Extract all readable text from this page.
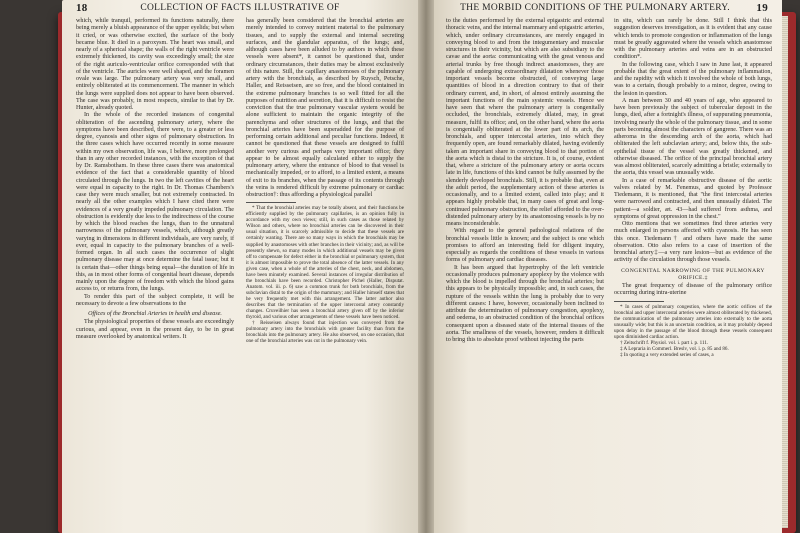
18	COLLECTION OF FACTS ILLUSTRATIVE OF

which, while tranquil, performed its functions naturally, there being merely a bluish appearance of the upper eyelids; but when it cried, or was otherwise excited, the surface of the body became blue. It died in a paroxysm. The heart was small, and nearly of a spherical shape; the walls of the right ventricle were extremely thickened, its cavity was exceedingly small; the size of the right auriculo-ventricular orifice corresponded with that of the ventricle. The auricles were well shaped, and the foramen ovale was large. The pulmonary artery was very small, and entirely obliterated at its commencement. The manner in which the lungs were supplied does not appear to have been observed. The case was probably, in most respects, similar to that by Dr. Hunter, already quoted.

In the whole of the recorded instances of congenital obliteration of the ascending pulmonary artery, where the symptoms have been described, there were, to a greater or less degree, cyanosis and other signs of pulmonary obstruction. In the three cases which have occurred recently in some measure within my own observation, life was, I believe, more prolonged than in any other recorded instances, with the exception of that by Dr. Ramsbotham. In these three cases there was anatomical evidence of the fact that a considerable quantity of blood circulated through the lungs. In two the left cavities of the heart were equal in capacity to the right. In Dr. Thomas Chambers's case they were much smaller, but not extremely contracted. In nearly all the other examples which I have cited there were evidences of a very greatly impeded pulmonary circulation. The obstruction is evidently due less to the indirectness of the course by which the blood reaches the lungs, than to the unnatural narrowness of the pulmonary vessels, which, although greatly varying in dimensions in different individuals, are very rarely, if ever, equal in capacity to the pulmonary branches of a well-formed organ. In all such cases the occurrence of slight pulmonary disease may at once determine the fatal issue; but it is certain that—other things being equal—the duration of life in this, as in most other forms of congenital heart disease, depends mainly upon the degree of freedom with which the blood gains access to, or returns from, the lungs.

To render this part of the subject complete, it will be necessary to devote a few observations to the

Offices of the Bronchial Arteries in health and disease.

The physiological properties of these vessels are exceedingly curious, and appear, even in the present day, to be in great measure overlooked by anatomical writers. It

has generally been considered that the bronchial arteries are merely intended to convey nutrient material to the pulmonary tissues, and to supply the external and internal secreting surfaces, and the glandular apparatus, of the lungs; and, although cases have been alluded to by authors in which these vessels were absent*, it cannot be questioned that, under ordinary circumstances, their duties may be almost exclusively of this nature. Still, the capillary anastomoses of the pulmonary artery with the bronchials, as described by Ruysch, Petsche, Haller, and Reisseisen, are so free, and the blood contained in the extreme pulmonary branches is so well fitted for all the purposes of nutrition and secretion, that it is difficult to resist the conviction that the true pulmonary vascular system would be alone sufficient to maintain the organic integrity of the parenchyma and other structures of the lungs, and that the bronchial arteries have been superadded for the purpose of performing certain additional and peculiar functions. Indeed, it cannot be questioned that these vessels are designed to fulfil another very curious and perhaps very important office; they appear to be almost equally calculated either to supply the pulmonary artery, where the entrance of blood to that vessel is mechanically impeded, or to afford, to a limited extent, a means of exit to its branches, when the passage of its contents through the veins is rendered difficult by extreme pulmonary or cardiac obstruction†: thus affording a physiological parallel

* That the bronchial arteries may be totally absent, and their functions be efficiently supplied by the pulmonary capillaries, is an opinion fully in accordance with my own views; still, in such cases as those related by Wilson and others, where no bronchial arteries can be discovered in their usual situation, it is scarcely admissible to decide that these vessels are certainly wanting. There are so many ways in which the bronchials may be supplied by anastomoses with other branches in their vicinity; and, as will be presently shewn, so many modes in which additional vessels may be given off to compensate for defect either in the bronchial or pulmonary system, that it is almost impossible to prove the total absence of the latter vessels. In any given case, when a whole of the arteries of the chest, neck, and abdomen, have been minutely examined. Several instances of irregular distribution of the bronchials have been recorded. Christopher Pichel (Haller, Disputat. Anatom. vol. iii. p. 6) saw a common trunk for both bronchials, from the subclavian distal to the origin of the mammary; and Haller himself states that he very frequently met with this arrangement. The latter author also describes that the termination of the upper intercostal artery constantly changes. Cruveilhier has seen a bronchial artery given off by the inferior thyroid, and various other arrangements of these vessels have been noticed.

† Reisseisen always found that injection was conveyed from the pulmonary artery into the bronchials with greater facility than from the bronchials into the pulmonary artery. He also observed, on one occasion, that one of the bronchial arteries was cut in the pulmonary vein.

THE MORBID CONDITIONS OF THE PULMONARY ARTERY.	19

to the duties performed by the external epigastric and external thoracic veins, and the internal mammary and epigastric arteries, which, under ordinary circumstances, are merely engaged in conveying blood to and from the integumentary and muscular structures in their vicinity, but which are also subsidiary to the cavae and the aorta: communicating with the great venous and arterial trunks by free though indirect anastomoses, they are capable of undergoing extraordinary dilatation whenever those important vessels become obstructed, of conveying large quantities of blood in a direction contrary to that of their ordinary current, and, in short, of almost entirely assuming the important functions of the main systemic vessels. Hence we have seen that where the pulmonary artery is congenitally occluded, the bronchials, extremely dilated, may, in great measure, fulfil its office; and, on the other hand, where the aorta is congenitally obliterated at the lower part of its arch, the bronchials, and upper intercostal arteries, into which they frequently open, are found remarkably dilated, having evidently taken an important share in conveying blood to that portion of the aorta which is distal to the stricture. It is, of course, evident that, where a stricture of the pulmonary artery or aorta occurs late in life, functions of this kind cannot be fully assumed by the slenderly developed bronchials. Still, it is probable that, even at the adult period, the supplementary action of these arteries is occasionally, and to a limited extent, called into play; and it appears highly probable that, in many cases of great and long-continued pulmonary obstruction, the relief afforded to the over-distended pulmonary artery by its anastomosing vessels is by no means inconsiderable.

With regard to the general pathological relations of the bronchial vessels little is known; and the subject is one which promises to afford an interesting field for diligent inquiry, especially as regards the conditions of these vessels in various forms of pulmonary and cardiac diseases.

It has been argued that hypertrophy of the left ventricle occasionally produces pulmonary apoplexy by the violence with which the blood is impelled through the bronchial arteries; but this appears to be physically impossible; and, in such cases, the rupture of the vessels within the lung is probably due to very different causes: I have, however, occasionally been inclined to attribute the determination of pulmonary congestion, apoplexy, and oedema, to an obstructed condition of the bronchial orifices consequent upon a diseased state of the internal tissues of the aorta. The smallness of the vessels, however, renders it difficult to bring this to absolute proof without injecting the parts

in situ, which can rarely be done. Still I think that this suggestion deserves investigation, as it is evident that any cause which tends to promote congestion or inflammation of the lungs must be greatly aggravated where the vessels which anastomose with the pulmonary arteries and veins are in an obstructed condition*.

In the following case, which I saw in June last, it appeared probable that the great extent of the pulmonary inflammation, and the rapidity with which it involved the whole of both lungs, was to a certain, though probably to a minor, degree, owing to the lesion in question.

A man between 30 and 40 years of age, who appeared to have been previously the subject of tubercular deposit in the lungs, died, after a fortnight's illness, of suppurating pneumonia, involving nearly the whole of the pulmonary tissue, and in some parts becoming almost the characters of gangrene. There was an atheroma in the descending arch of the aorta, which had obliterated the left subclavian artery; and, below this, the sub-epithelial tissue of the vessel was greatly thickened, and otherwise diseased. The orifice of the principal bronchial artery was almost obliterated, scarcely admitting a bristle; externally to the aorta, this vessel was unusually wide.

In a case of remarkable obstructive disease of the aortic valves related by M. Fenemus, and quoted by Professor Tiedemann, it is mentioned, that "the first intercostal arteries were narrowed and contracted, and then unusually dilated. The patient—a soldier, æt. 43—had suffered from asthma, and symptoms of great oppression in the chest."

Otto mentions that we sometimes find three arteries very much enlarged in persons affected with cyanosis. He has seen this once. Tiedemann† and others have made the same observation. Otto also refers to a case of insertion of the bronchial artery‡—a very rare lesion—but as evidence of the activity of the circulation through those vessels.

CONGENITAL NARROWING OF THE PULMONARY ORIFICE.‡

The great frequency of disease of the pulmonary orifice occurring during intra-uterine

* In cases of pulmonary congestion, where the aortic orifices of the bronchial and upper intercostal arteries were almost obliterated by thickened, the communication of the pulmonary arteries into externally to the aorta unusually wide; but this is an uncertain condition, as it may probably depend upon delay in the passage of the blood through these vessels consequent upon diminished cardiac action.

† Zeitschrift f. Physiol. vol. i. part i. p. 111.

‡ A Lepraria in Commerl. Breslv, vol. i. p. 85 and 86.

‡ In quoting a very extended series of cases, a
